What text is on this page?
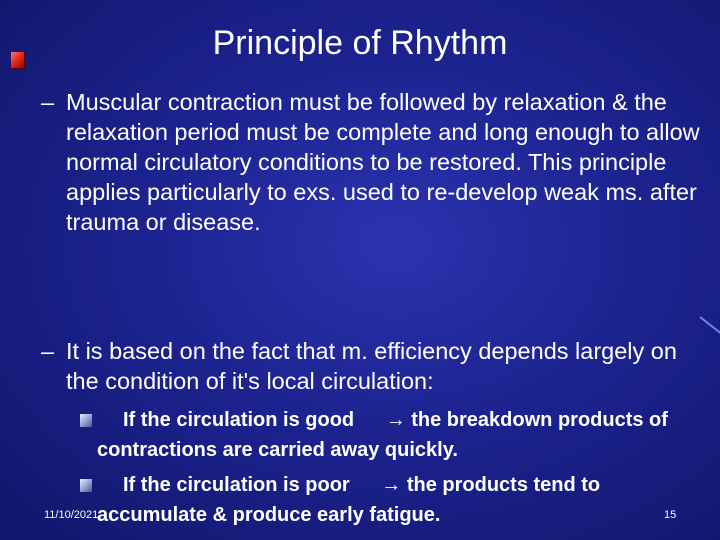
Principle of Rhythm
– Muscular contraction must be followed by relaxation & the relaxation period must be complete and long enough to allow normal circulatory conditions to be restored. This principle applies particularly to exs. used to re-develop weak ms. after trauma or disease.
– It is based on the fact that m. efficiency depends largely on the condition of it's local circulation:
If the circulation is good → the breakdown products of contractions are carried away quickly.
If the circulation is poor → the products tend to accumulate & produce early fatigue.
11/10/2021	15
